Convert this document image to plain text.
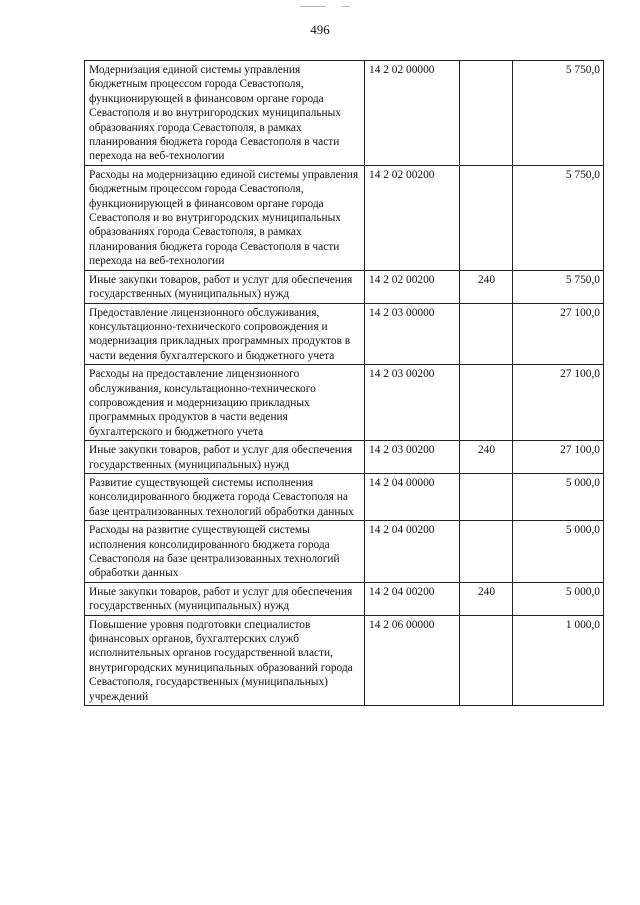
496
Модернизация единой системы управления бюджетным процессом города Севастополя, функционирующей в финансовом органе города Севастополя и во внутригородских муниципальных образованиях города Севастополя, в рамках планирования бюджета города Севастополя в части перехода на веб-технологии	14 2 02 00000		5 750,0
Расходы на модернизацию единой системы управления бюджетным процессом города Севастополя, функционирующей в финансовом органе города Севастополя и во внутригородских муниципальных образованиях города Севастополя, в рамках планирования бюджета города Севастополя в части перехода на веб-технологии	14 2 02 00200		5 750,0
Иные закупки товаров, работ и услуг для обеспечения государственных (муниципальных) нужд	14 2 02 00200	240	5 750,0
Предоставление лицензионного обслуживания, консультационно-технического сопровождения и модернизация прикладных программных продуктов в части ведения бухгалтерского и бюджетного учета	14 2 03 00000		27 100,0
Расходы на предоставление лицензионного обслуживания, консультационно-технического сопровождения и модернизацию прикладных программных продуктов в части ведения бухгалтерского и бюджетного учета	14 2 03 00200		27 100,0
Иные закупки товаров, работ и услуг для обеспечения государственных (муниципальных) нужд	14 2 03 00200	240	27 100,0
Развитие существующей системы исполнения консолидированного бюджета города Севастополя на базе централизованных технологий обработки данных	14 2 04 00000		5 000,0
Расходы на развитие существующей системы исполнения консолидированного бюджета города Севастополя на базе централизованных технологий обработки данных	14 2 04 00200		5 000,0
Иные закупки товаров, работ и услуг для обеспечения государственных (муниципальных) нужд	14 2 04 00200	240	5 000,0
Повышение уровня подготовки специалистов финансовых органов, бухгалтерских служб исполнительных органов государственной власти, внутригородских муниципальных образований города Севастополя, государственных (муниципальных) учреждений	14 2 06 00000		1 000,0
